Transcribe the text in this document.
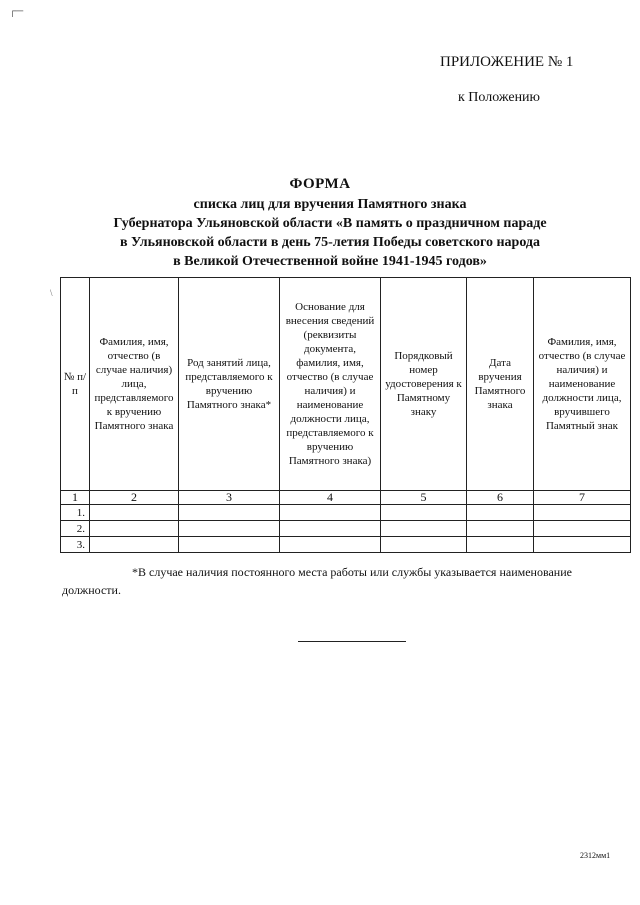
┌─
\
ПРИЛОЖЕНИЕ № 1
к Положению
ФОРМА
списка лиц для вручения Памятного знака
Губернатора Ульяновской области «В память о праздничном параде
в Ульяновской области в день 75-летия Победы советского народа
в Великой Отечественной войне 1941-1945 годов»
№ п/п	Фамилия, имя, отчество (в случае наличия) лица, представляемого к вручению Памятного знака	Род занятий лица, представляемого к вручению Памятного знака*	Основание для внесения сведений (реквизиты документа, фамилия, имя, отчество (в случае наличия) и наименование должности лица, представляемого к вручению Памятного знака)	Порядковый номер удостоверения к Памятному знаку	Дата вручения Памятного знака	Фамилия, имя, отчество (в случае наличия) и наименование должности лица, вручившего Памятный знак
1	2	3	4	5	6	7
1.						
2.						
3.						
*В случае наличия постоянного места работы или службы указывается наименование
должности.
2312мм1
